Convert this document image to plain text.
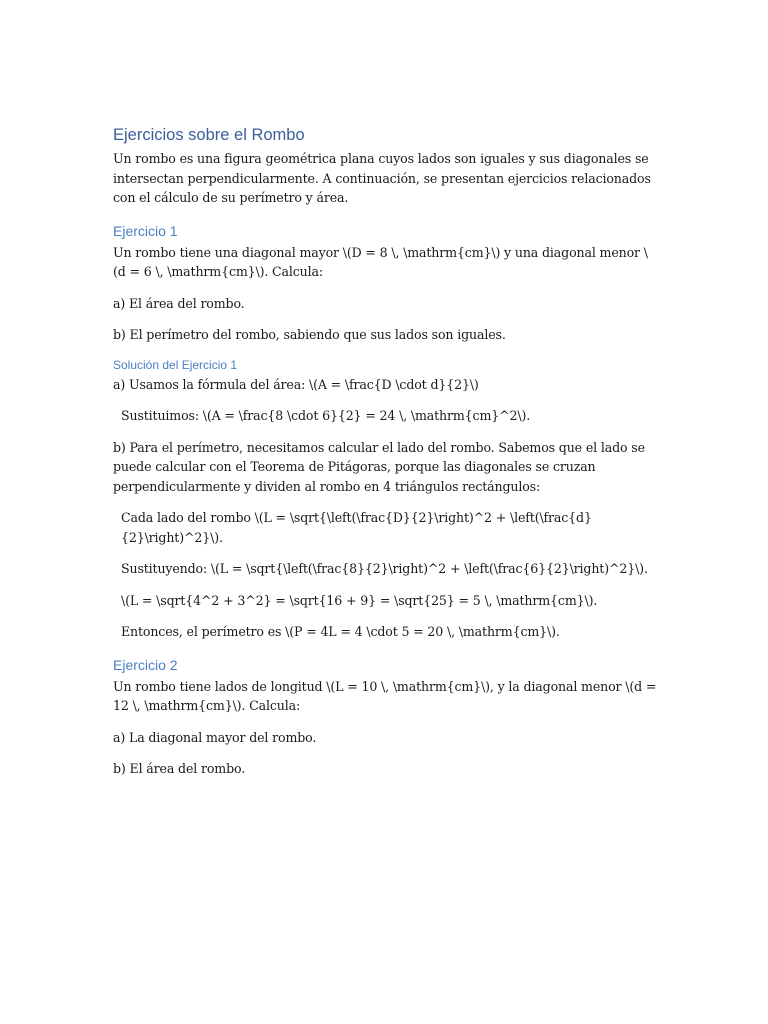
Ejercicios sobre el Rombo

Un rombo es una figura geométrica plana cuyos lados son iguales y sus diagonales se intersectan perpendicularmente. A continuación, se presentan ejercicios relacionados con el cálculo de su perímetro y área.

Ejercicio 1

Un rombo tiene una diagonal mayor \(D = 8 \, \mathrm{cm}\) y una diagonal menor \(d = 6 \, \mathrm{cm}\). Calcula:

a) El área del rombo.

b) El perímetro del rombo, sabiendo que sus lados son iguales.

Solución del Ejercicio 1

a) Usamos la fórmula del área: \(A = \frac{D \cdot d}{2}\)

Sustituimos: \(A = \frac{8 \cdot 6}{2} = 24 \, \mathrm{cm}^2\).

b) Para el perímetro, necesitamos calcular el lado del rombo. Sabemos que el lado se puede calcular con el Teorema de Pitágoras, porque las diagonales se cruzan perpendicularmente y dividen al rombo en 4 triángulos rectángulos:

Cada lado del rombo \(L = \sqrt{\left(\frac{D}{2}\right)^2 + \left(\frac{d}{2}\right)^2}\).

Sustituyendo: \(L = \sqrt{\left(\frac{8}{2}\right)^2 + \left(\frac{6}{2}\right)^2}\).

\(L = \sqrt{4^2 + 3^2} = \sqrt{16 + 9} = \sqrt{25} = 5 \, \mathrm{cm}\).

Entonces, el perímetro es \(P = 4L = 4 \cdot 5 = 20 \, \mathrm{cm}\).

Ejercicio 2

Un rombo tiene lados de longitud \(L = 10 \, \mathrm{cm}\), y la diagonal menor \(d = 12 \, \mathrm{cm}\). Calcula:

a) La diagonal mayor del rombo.

b) El área del rombo.
